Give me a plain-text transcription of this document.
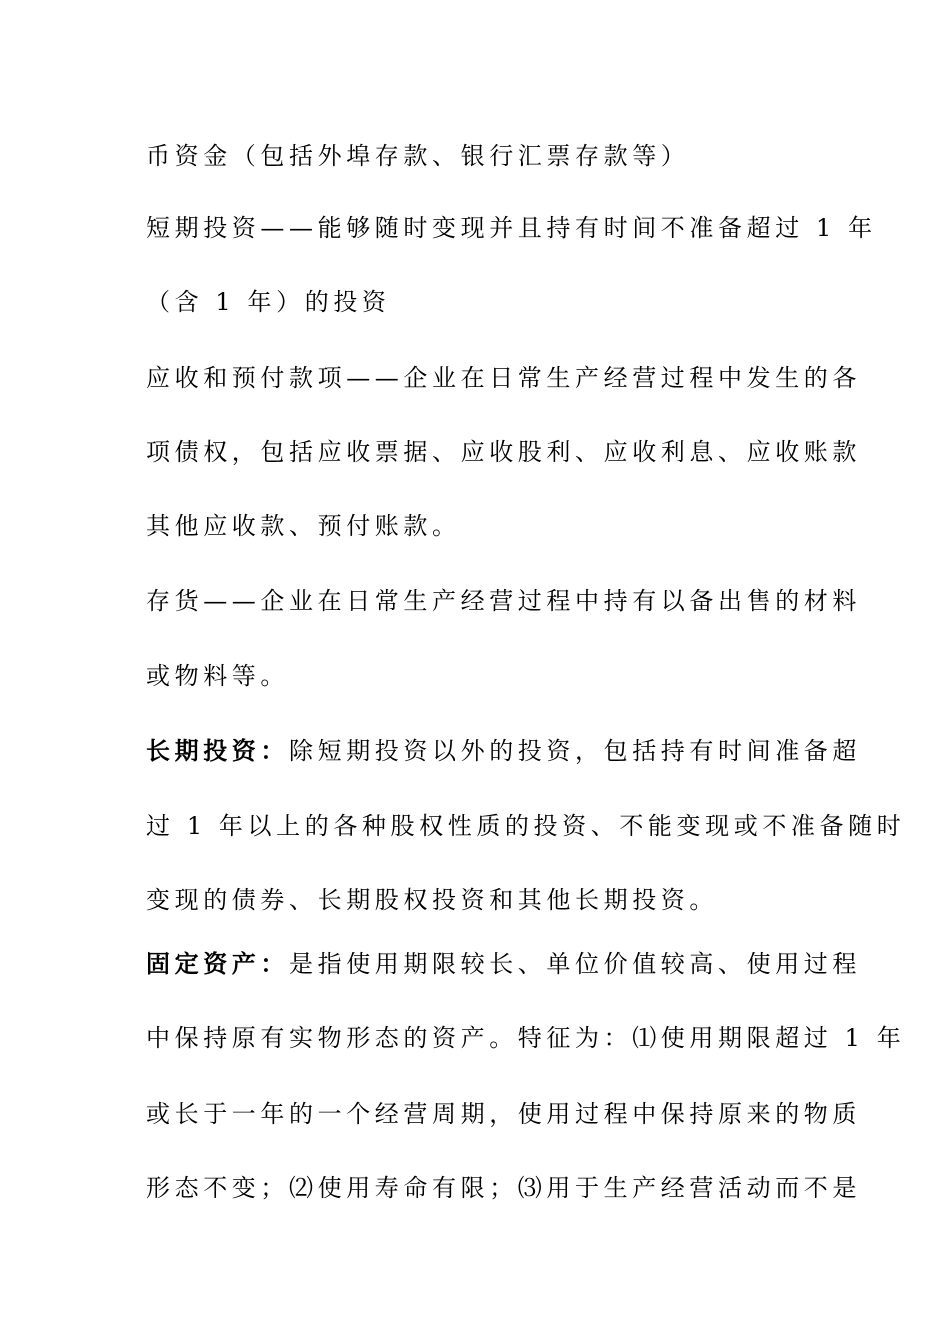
币资金（包括外埠存款、银行汇票存款等）
短期投资——能够随时变现并且持有时间不准备超过 1 年
（含 1 年）的投资
应收和预付款项——企业在日常生产经营过程中发生的各
项债权，包括应收票据、应收股利、应收利息、应收账款
其他应收款、预付账款。
存货——企业在日常生产经营过程中持有以备出售的材料
或物料等。
长期投资：除短期投资以外的投资，包括持有时间准备超
过 1 年以上的各种股权性质的投资、不能变现或不准备随时
变现的债券、长期股权投资和其他长期投资。
固定资产：是指使用期限较长、单位价值较高、使用过程
中保持原有实物形态的资产。特征为：⑴使用期限超过 1 年
或长于一年的一个经营周期，使用过程中保持原来的物质
形态不变；⑵使用寿命有限；⑶用于生产经营活动而不是
